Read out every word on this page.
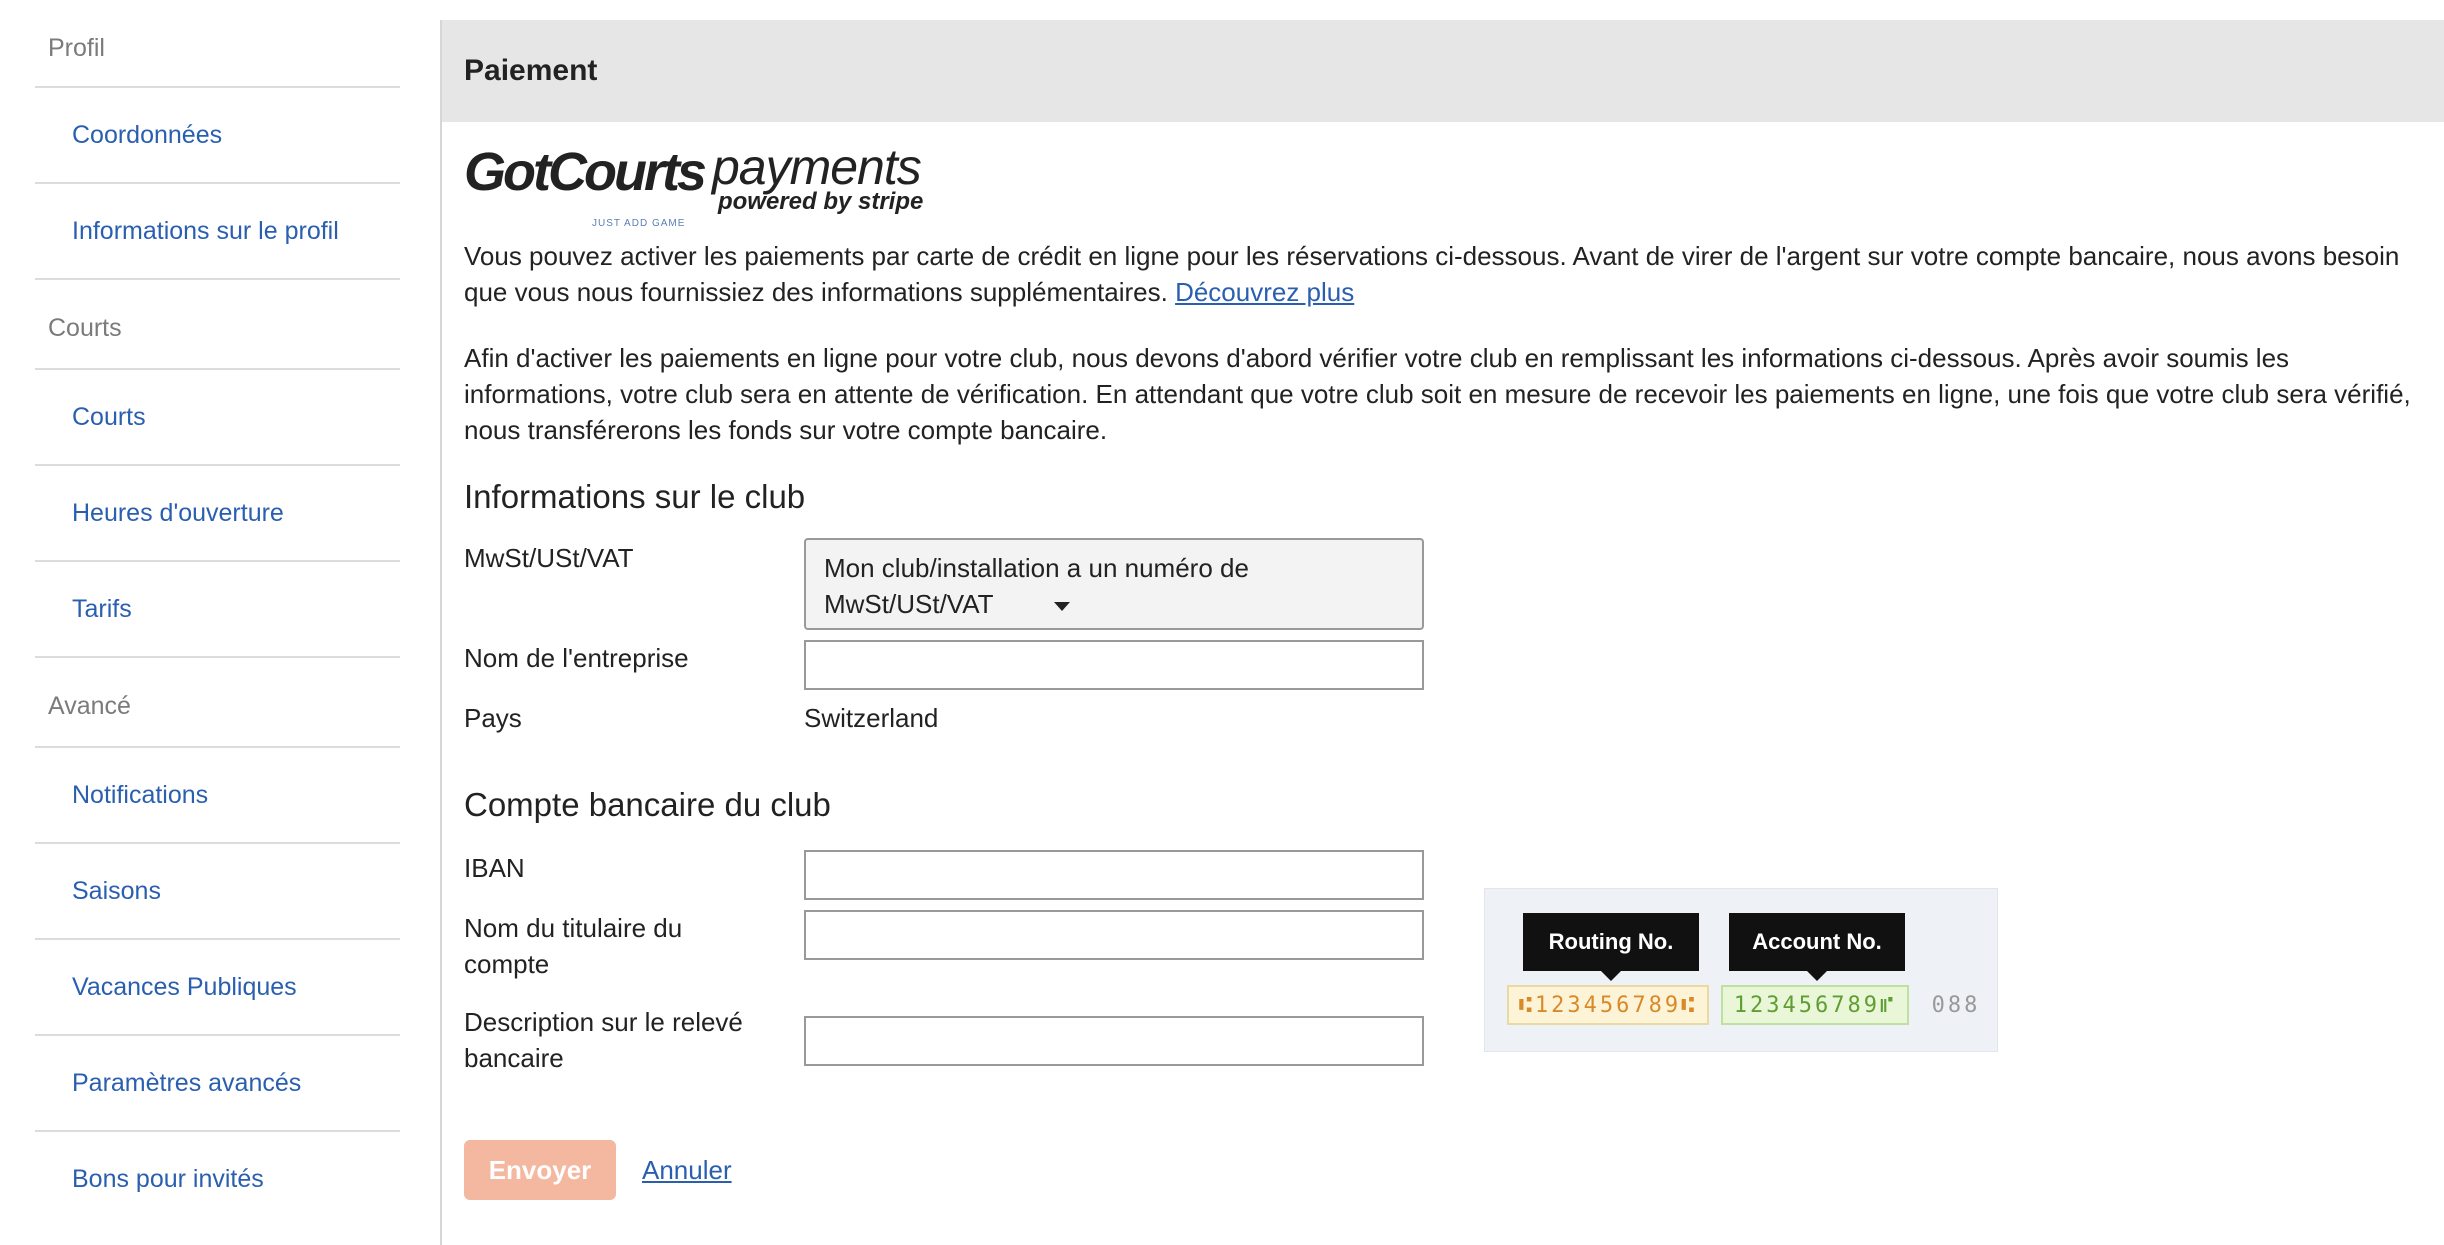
Profil
Coordonnées
Informations sur le profil
Courts
Courts
Heures d'ouverture
Tarifs
Avancé
Notifications
Saisons
Vacances Publiques
Paramètres avancés
Bons pour invités
Paiement
GotCourts
JUST ADD GAME
payments
powered by stripe

Vous pouvez activer les paiements par carte de crédit en ligne pour les réservations ci-dessous. Avant de virer de l'argent sur votre compte bancaire, nous avons besoin que vous nous fournissiez des informations supplémentaires. Découvrez plus

Afin d'activer les paiements en ligne pour votre club, nous devons d'abord vérifier votre club en remplissant les informations ci-dessous. Après avoir soumis les informations, votre club sera en attente de vérification. En attendant que votre club soit en mesure de recevoir les paiements en ligne, une fois que votre club sera vérifié, nous transférerons les fonds sur votre compte bancaire.

Informations sur le club
MwSt/USt/VAT	Mon club/installation a un numéro de MwSt/USt/VAT
Nom de l'entreprise
Pays	Switzerland
Compte bancaire du club
IBAN
Nom du titulaire du compte
Description sur le relevé bancaire
Routing No.	Account No.
⑆123456789⑆	123456789⑈	088
Envoyer	Annuler
